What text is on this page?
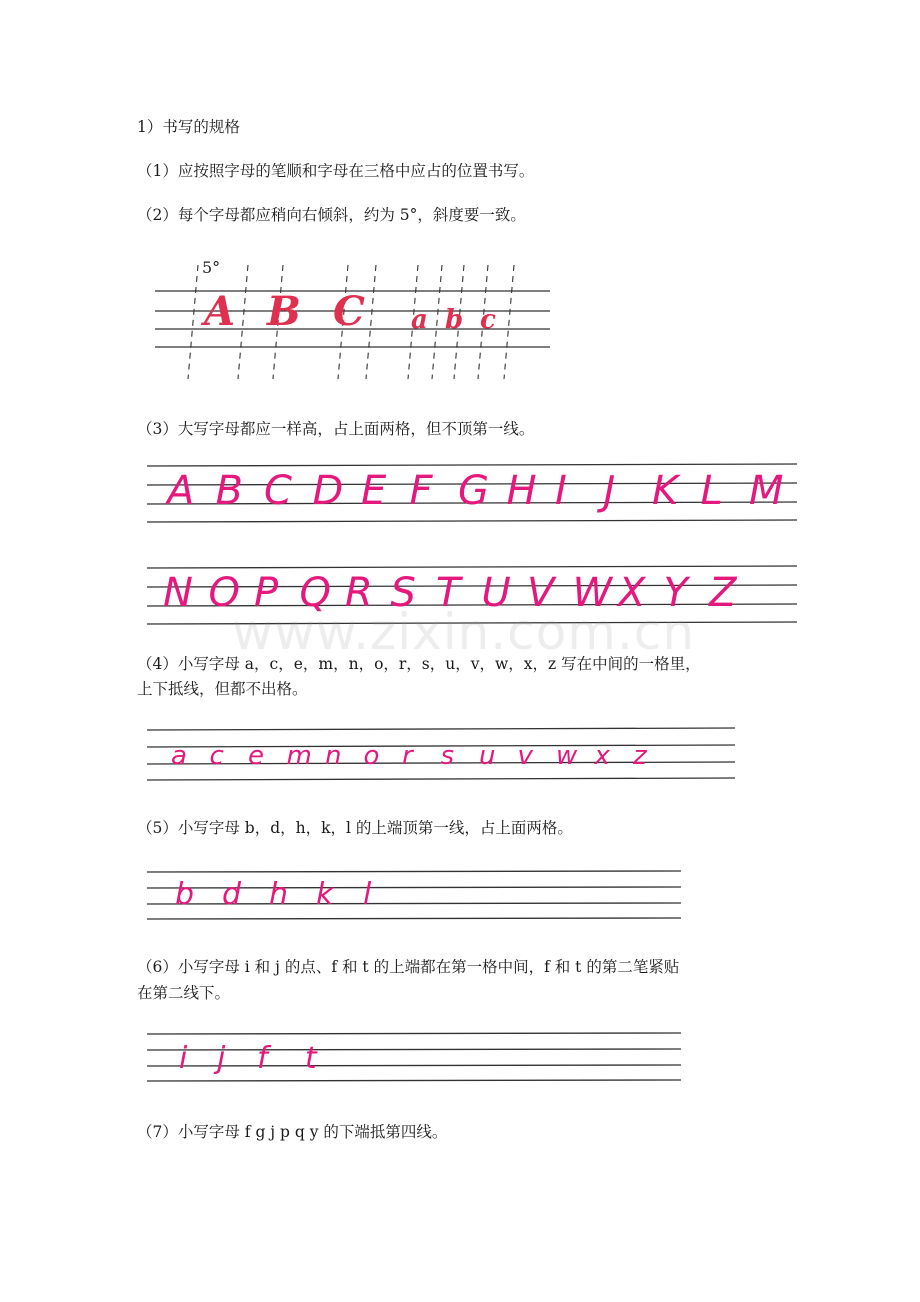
1）书写的规格
（1）应按照字母的笔顺和字母在三格中应占的位置书写。
（2）每个字母都应稍向右倾斜，约为 5°，斜度要一致。
5°
A B C a b c
（3）大写字母都应一样高，占上面两格，但不顶第一线。
A B C D E F G H I J K L M
N O P Q R S T U V W X Y Z
www.zixin.com.cn
（4）小写字母 a，c，e，m，n，o，r，s，u，v，w，x，z 写在中间的一格里，
上下抵线，但都不出格。
a c e m n o r s u v w x z
（5）小写字母 b，d，h，k，l 的上端顶第一线，占上面两格。
b d h k l
（6）小写字母 i 和 j 的点、f 和 t 的上端都在第一格中间，f 和 t 的第二笔紧贴
在第二线下。
i j f t
（7）小写字母 f g j p q y 的下端抵第四线。
